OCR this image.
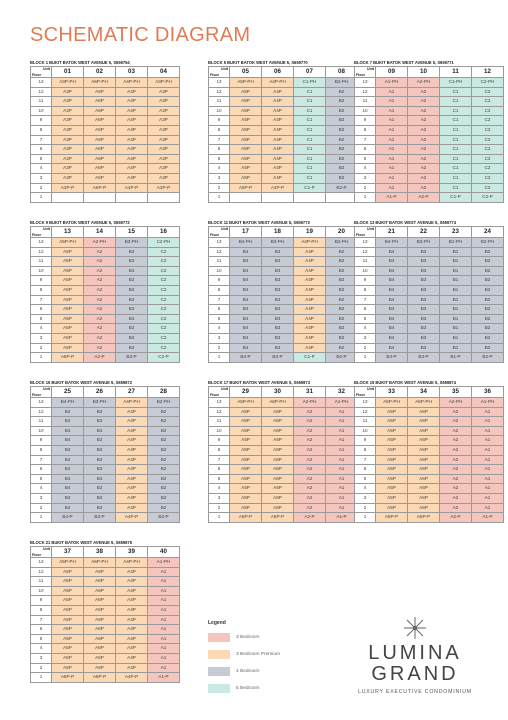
SCHEMATIC DIAGRAM
BLOCK 1 BUKIT BATOK WEST AVENUE 5, S659754
Unit
Floor	01	02	03	04
13	A3P-PH	A6P-PH	A4P-PH	A3P-PH
12	A3P	A6P	A4P	A3P
11	A3P	A6P	A4P	A3P
10	A3P	A6P	A4P	A3P
9	A3P	A6P	A4P	A3P
8	A3P	A6P	A4P	A3P
7	A3P	A6P	A4P	A3P
6	A3P	A6P	A4P	A3P
5	A3P	A6P	A4P	A3P
4	A3P	A6P	A4P	A3P
3	A3P	A6P	A4P	A3P
2	A3P-P	A6P-P	A4P-P	A3P-P
1				
BLOCK 5 BUKIT BATOK WEST AVENUE 5, S659770
Unit
Floor	05	06	07	08
13	A5P-PH	A4P-PH	C1-PH	B2-PH
12	A5P	A4P	C1	B2
11	A5P	A4P	C1	B2
10	A5P	A4P	C1	B2
9	A5P	A4P	C1	B2
8	A5P	A4P	C1	B2
7	A5P	A4P	C1	B2
6	A5P	A4P	C1	B2
5	A5P	A4P	C1	B2
4	A5P	A4P	C1	B2
3	A5P	A4P	C1	B2
2	A5P-P	A4P-P	C1-P	B2-P
1				
BLOCK 7 BUKIT BATOK WEST AVENUE 5, S659771
Unit
Floor	09	10	11	12
13	A1-PH	A2-PH	C1-PH	C2-PH
12	A1	A2	C1	C2
11	A1	A2	C1	C2
10	A1	A2	C1	C2
9	A1	A2	C1	C2
8	A1	A2	C1	C2
7	A1	A2	C1	C2
6	A1	A2	C1	C2
5	A1	A2	C1	C2
4	A1	A2	C1	C2
3	A1	A2	C1	C2
2	A1	A2	C1	C2
1	A1-P	A2-P	C1-P	C2-P
BLOCK 9 BUKIT BATOK WEST AVENUE 5, S659772
Unit
Floor	13	14	15	16
13	A5P-PH	A2-PH	B3-PH	C2-PH
12	A5P	A2	B3	C2
11	A5P	A2	B3	C2
10	A5P	A2	B3	C2
9	A5P	A2	B3	C2
8	A5P	A2	B3	C2
7	A5P	A2	B3	C2
6	A5P	A2	B3	C2
5	A5P	A2	B3	C2
4	A5P	A2	B3	C2
3	A5P	A2	B3	C2
2	A5P	A2	B3	C2
1	A5P-P	A2-P	B3-P	C2-P
BLOCK 11 BUKIT BATOK WEST AVENUE 5, S659773
Unit
Floor	17	18	19	20
13	B4-PH	B3-PH	A4P-PH	B2-PH
12	B4	B3	A4P	B2
11	B4	B3	A4P	B2
10	B4	B3	A4P	B2
9	B4	B3	A4P	B2
8	B4	B3	A4P	B2
7	B4	B3	A4P	B2
6	B4	B3	A4P	B2
5	B4	B3	A4P	B2
4	B4	B3	A4P	B2
3	B4	B3	A4P	B2
2	B4	B3	A4P	B2
1	B4-P	B3-P	C1-P	B2-P
BLOCK 13 BUKIT BATOK WEST AVENUE 5, S659774
Unit
Floor	21	22	23	24
13	B4-PH	B3-PH	B1-PH	B2-PH
12	B4	B3	B1	B2
11	B4	B3	B1	B2
10	B4	B3	B1	B2
9	B4	B3	B1	B2
8	B4	B3	B1	B2
7	B4	B3	B1	B2
6	B4	B3	B1	B2
5	B4	B3	B1	B2
4	B4	B3	B1	B2
3	B4	B3	B1	B2
2	B4	B3	B1	B2
1	B4-P	B3-P	B1-P	B2-P
BLOCK 15 BUKIT BATOK WEST AVENUE 5, S659872
Unit
Floor	25	26	27	28
13	B4-PH	B3-PH	A4P-PH	B2-PH
12	B4	B3	A4P	B2
11	B4	B3	A4P	B2
10	B4	B3	A4P	B2
9	B4	B3	A4P	B2
8	B4	B3	A4P	B2
7	B4	B3	A4P	B2
6	B4	B3	A4P	B2
5	B4	B3	A4P	B2
4	B4	B3	A4P	B2
3	B4	B3	A4P	B2
2	B4	B3	A4P	B2
1	B4-P	B3-P	A4P-P	B2-P
BLOCK 17 BUKIT BATOK WEST AVENUE 5, S659873
Unit
Floor	29	30	31	32
13	A5P-PH	A6P-PH	A2-PH	A1-PH
12	A5P	A6P	A2	A1
11	A5P	A6P	A2	A1
10	A5P	A6P	A2	A1
9	A5P	A6P	A2	A1
8	A5P	A6P	A2	A1
7	A5P	A6P	A2	A1
6	A5P	A6P	A2	A1
5	A5P	A6P	A2	A1
4	A5P	A6P	A2	A1
3	A5P	A6P	A2	A1
2	A5P	A6P	A2	A1
1	A5P-P	A6P-P	A2-P	A1-P
BLOCK 19 BUKIT BATOK WEST AVENUE 5, S659874
Unit
Floor	33	34	35	36
13	A5P-PH	A6P-PH	A2-PH	A1-PH
12	A5P	A6P	A2	A1
11	A5P	A6P	A2	A1
10	A5P	A6P	A2	A1
9	A5P	A6P	A2	A1
8	A5P	A6P	A2	A1
7	A5P	A6P	A2	A1
6	A5P	A6P	A2	A1
5	A5P	A6P	A2	A1
4	A5P	A6P	A2	A1
3	A5P	A6P	A2	A1
2	A5P	A6P	A2	A1
1	A5P-P	A6P-P	A2-P	A1-P
BLOCK 21 BUKIT BATOK WEST AVENUE 5, S659875
Unit
Floor	37	38	39	40
13	A5P-PH	A6P-PH	A4P-PH	A1-PH
12	A5P	A6P	A4P	A1
11	A5P	A6P	A4P	A1
10	A5P	A6P	A4P	A1
9	A5P	A6P	A4P	A1
8	A5P	A6P	A4P	A1
7	A5P	A6P	A4P	A1
6	A5P	A6P	A4P	A1
5	A5P	A6P	A4P	A1
4	A5P	A6P	A4P	A1
3	A5P	A6P	A4P	A1
2	A5P	A6P	A4P	A1
1	A5P-P	A6P-P	A4P-P	A1-P
Legend
3 Bedroom
3 Bedroom Premium
4 Bedroom
5 Bedroom
LUMINA
GRAND
LUXURY EXECUTIVE CONDOMINIUM
